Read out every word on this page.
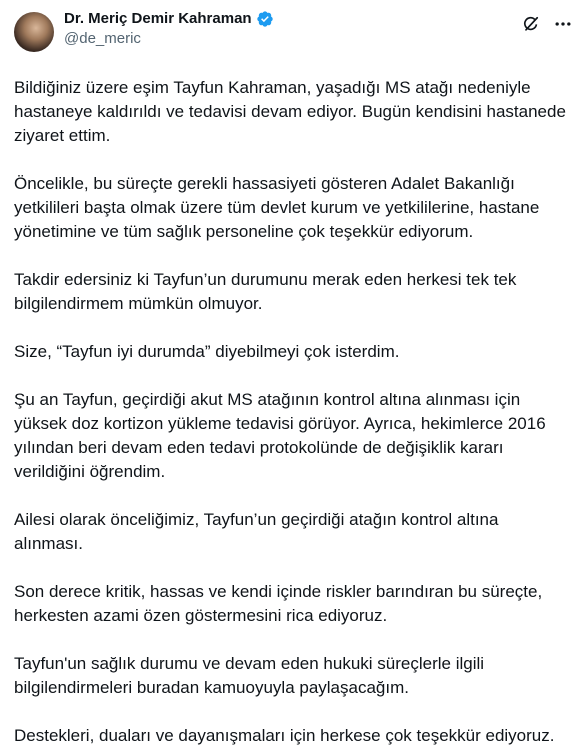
Dr. Meriç Demir Kahraman
@de_meric

Bildiğiniz üzere eşim Tayfun Kahraman, yaşadığı MS atağı nedeniyle hastaneye kaldırıldı ve tedavisi devam ediyor. Bugün kendisini hastanede ziyaret ettim.

Öncelikle, bu süreçte gerekli hassasiyeti gösteren Adalet Bakanlığı yetkilileri başta olmak üzere tüm devlet kurum ve yetkililerine, hastane yönetimine ve tüm sağlık personeline çok teşekkür ediyorum.

Takdir edersiniz ki Tayfun’un durumunu merak eden herkesi tek tek bilgilendirmem mümkün olmuyor.

Size, “Tayfun iyi durumda” diyebilmeyi çok isterdim.

Şu an Tayfun, geçirdiği akut MS atağının kontrol altına alınması için yüksek doz kortizon yükleme tedavisi görüyor. Ayrıca, hekimlerce 2016 yılından beri devam eden tedavi protokolünde de değişiklik kararı verildiğini öğrendim.

Ailesi olarak önceliğimiz, Tayfun’un geçirdiği atağın kontrol altına alınması.

Son derece kritik, hassas ve kendi içinde riskler barındıran bu süreçte, herkesten azami özen göstermesini rica ediyoruz.

Tayfun'un sağlık durumu ve devam eden hukuki süreçlerle ilgili bilgilendirmeleri buradan kamuoyuyla paylaşacağım.

Destekleri, duaları ve dayanışmaları için herkese çok teşekkür ediyoruz.
